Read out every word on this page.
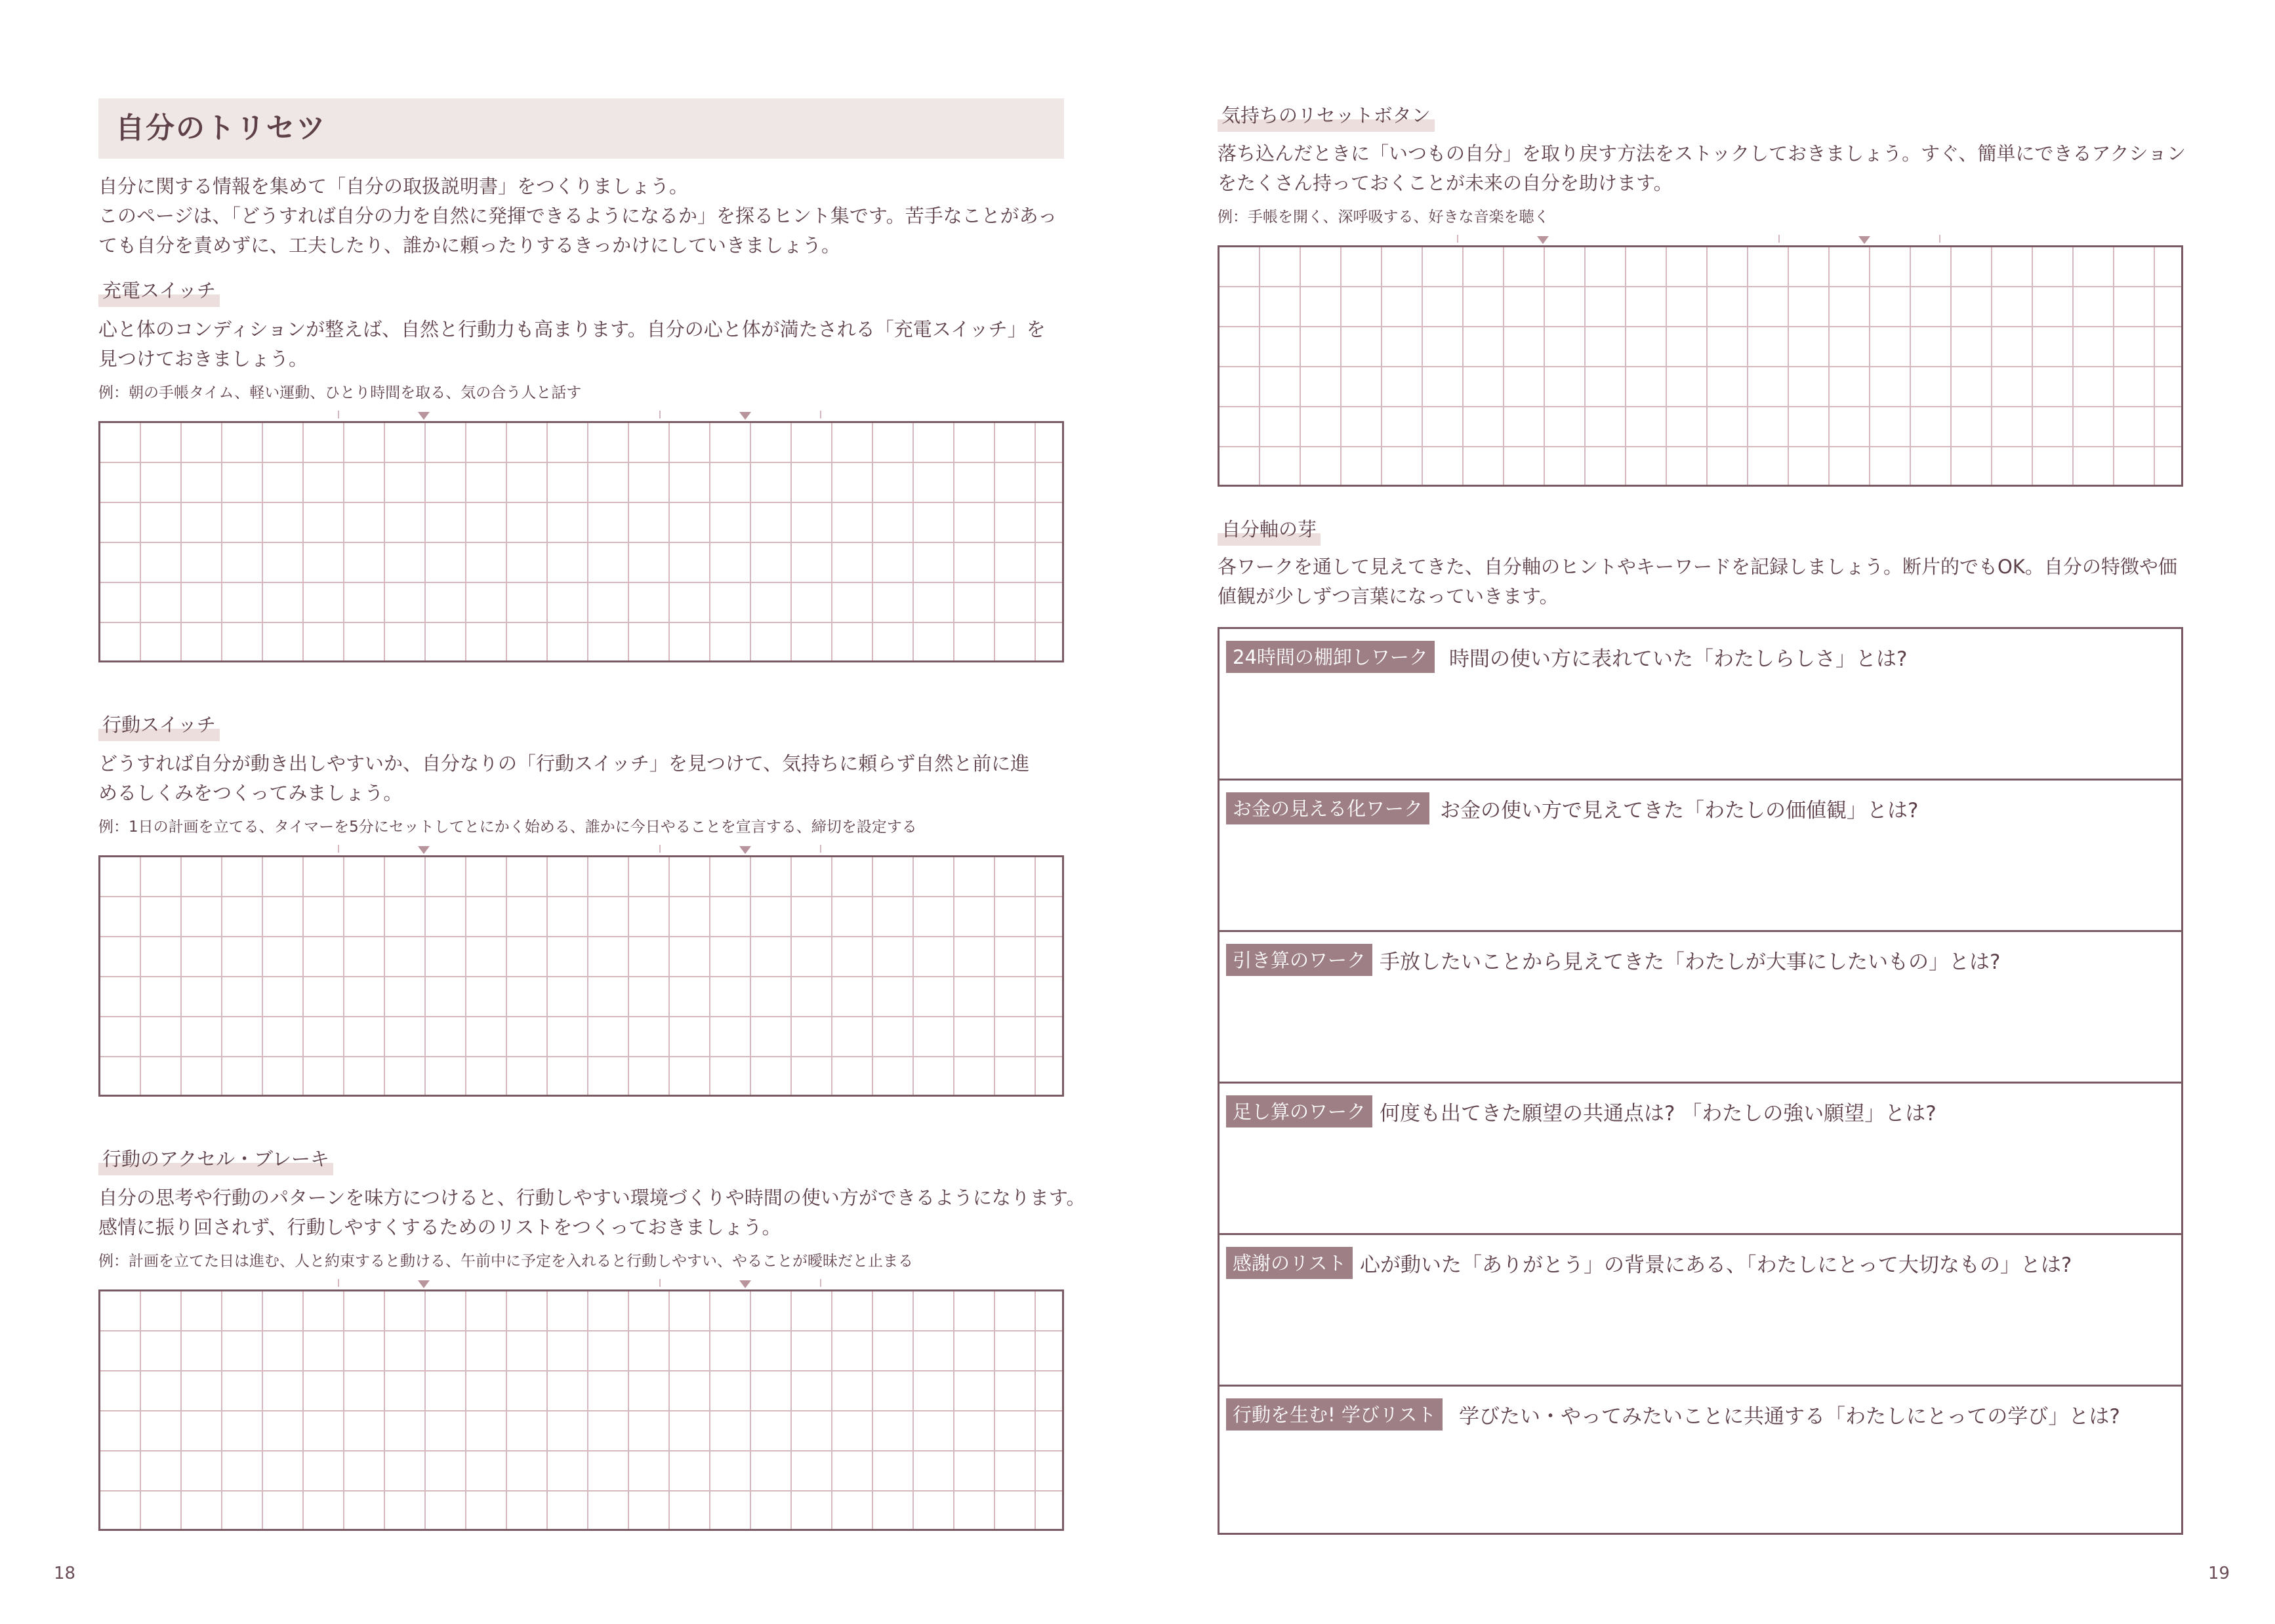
自分のトリセツ
自分に関する情報を集めて「自分の取扱説明書」をつくりましょう。
このページは、「どうすれば自分の力を自然に発揮できるようになるか」を探るヒント集です。苦手なことがあっ
ても自分を責めずに、工夫したり、誰かに頼ったりするきっかけにしていきましょう。
充電スイッチ
心と体のコンディションが整えば、自然と行動力も高まります。自分の心と体が満たされる「充電スイッチ」を
見つけておきましょう。
例：朝の手帳タイム、軽い運動、ひとり時間を取る、気の合う人と話す
行動スイッチ
どうすれば自分が動き出しやすいか、自分なりの「行動スイッチ」を見つけて、気持ちに頼らず自然と前に進
めるしくみをつくってみましょう。
例：1日の計画を立てる、タイマーを5分にセットしてとにかく始める、誰かに今日やることを宣言する、締切を設定する
行動のアクセル・ブレーキ
自分の思考や行動のパターンを味方につけると、行動しやすい環境づくりや時間の使い方ができるようになります。
感情に振り回されず、行動しやすくするためのリストをつくっておきましょう。
例：計画を立てた日は進む、人と約束すると動ける、午前中に予定を入れると行動しやすい、やることが曖昧だと止まる
18
気持ちのリセットボタン
落ち込んだときに「いつもの自分」を取り戻す方法をストックしておきましょう。すぐ、簡単にできるアクション
をたくさん持っておくことが未来の自分を助けます。
例：手帳を開く、深呼吸する、好きな音楽を聴く
自分軸の芽
各ワークを通して見えてきた、自分軸のヒントやキーワードを記録しましょう。断片的でもOK。自分の特徴や価
値観が少しずつ言葉になっていきます。
24時間の棚卸しワーク	時間の使い方に表れていた「わたしらしさ」とは?
お金の見える化ワーク お金の使い方で見えてきた「わたしの価値観」とは?
引き算のワーク 手放したいことから見えてきた「わたしが大事にしたいもの」とは?
足し算のワーク 何度も出てきた願望の共通点は? 「わたしの強い願望」とは?
感謝のリスト 心が動いた「ありがとう」の背景にある、「わたしにとって大切なもの」とは?
行動を生む! 学びリスト	学びたい・やってみたいことに共通する「わたしにとっての学び」とは?
19
